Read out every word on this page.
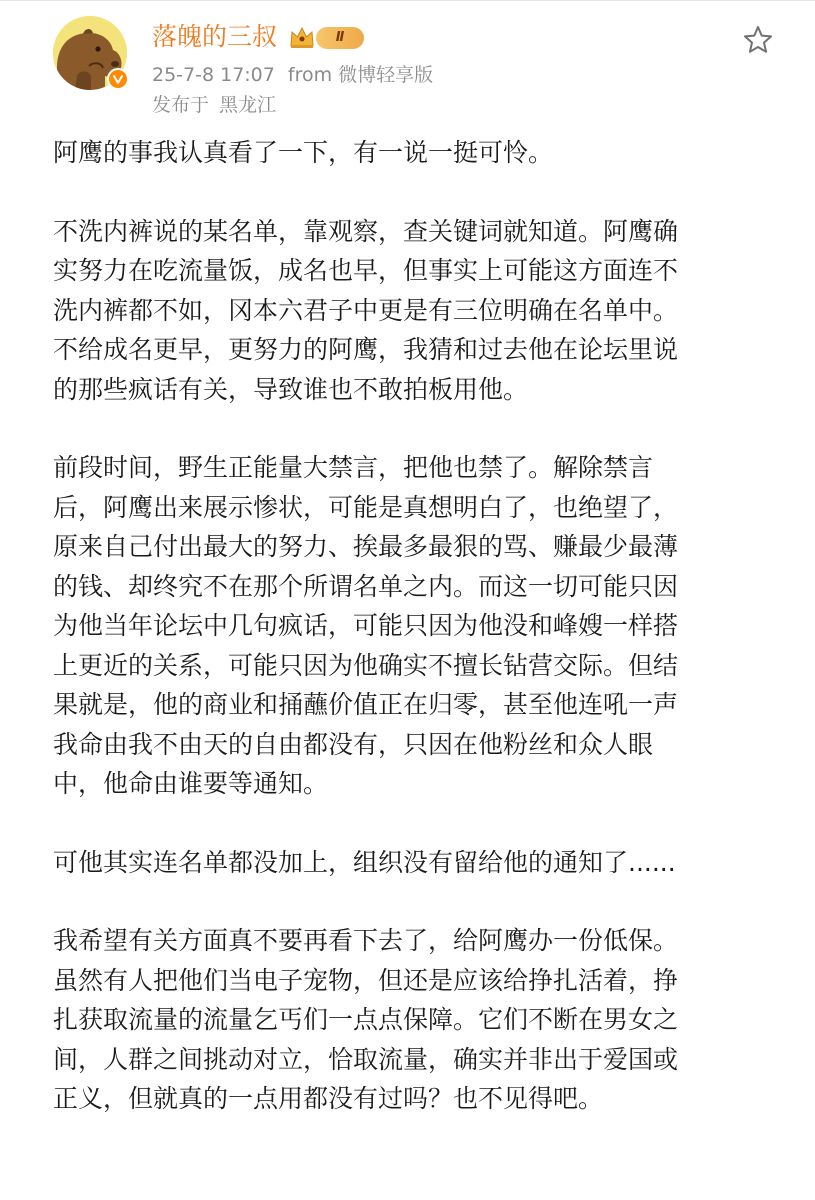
落魄的三叔	Ⅱ
25-7-8 17:07 from 微博轻享版
发布于 黑龙江

阿鹰的事我认真看了一下，有一说一挺可怜。

不洗内裤说的某名单，靠观察，查关键词就知道。阿鹰确
实努力在吃流量饭，成名也早，但事实上可能这方面连不
洗内裤都不如，冈本六君子中更是有三位明确在名单中。
不给成名更早，更努力的阿鹰，我猜和过去他在论坛里说
的那些疯话有关，导致谁也不敢拍板用他。

前段时间，野生正能量大禁言，把他也禁了。解除禁言
后，阿鹰出来展示惨状，可能是真想明白了，也绝望了，
原来自己付出最大的努力、挨最多最狠的骂、赚最少最薄
的钱、却终究不在那个所谓名单之内。而这一切可能只因
为他当年论坛中几句疯话，可能只因为他没和峰嫂一样搭
上更近的关系，可能只因为他确实不擅长钻营交际。但结
果就是，他的商业和捅蘸价值正在归零，甚至他连吼一声
我命由我不由天的自由都没有，只因在他粉丝和众人眼
中，他命由谁要等通知。

可他其实连名单都没加上，组织没有留给他的通知了......

我希望有关方面真不要再看下去了，给阿鹰办一份低保。
虽然有人把他们当电子宠物，但还是应该给挣扎活着，挣
扎获取流量的流量乞丐们一点点保障。它们不断在男女之
间，人群之间挑动对立，恰取流量，确实并非出于爱国或
正义，但就真的一点用都没有过吗？也不见得吧。
